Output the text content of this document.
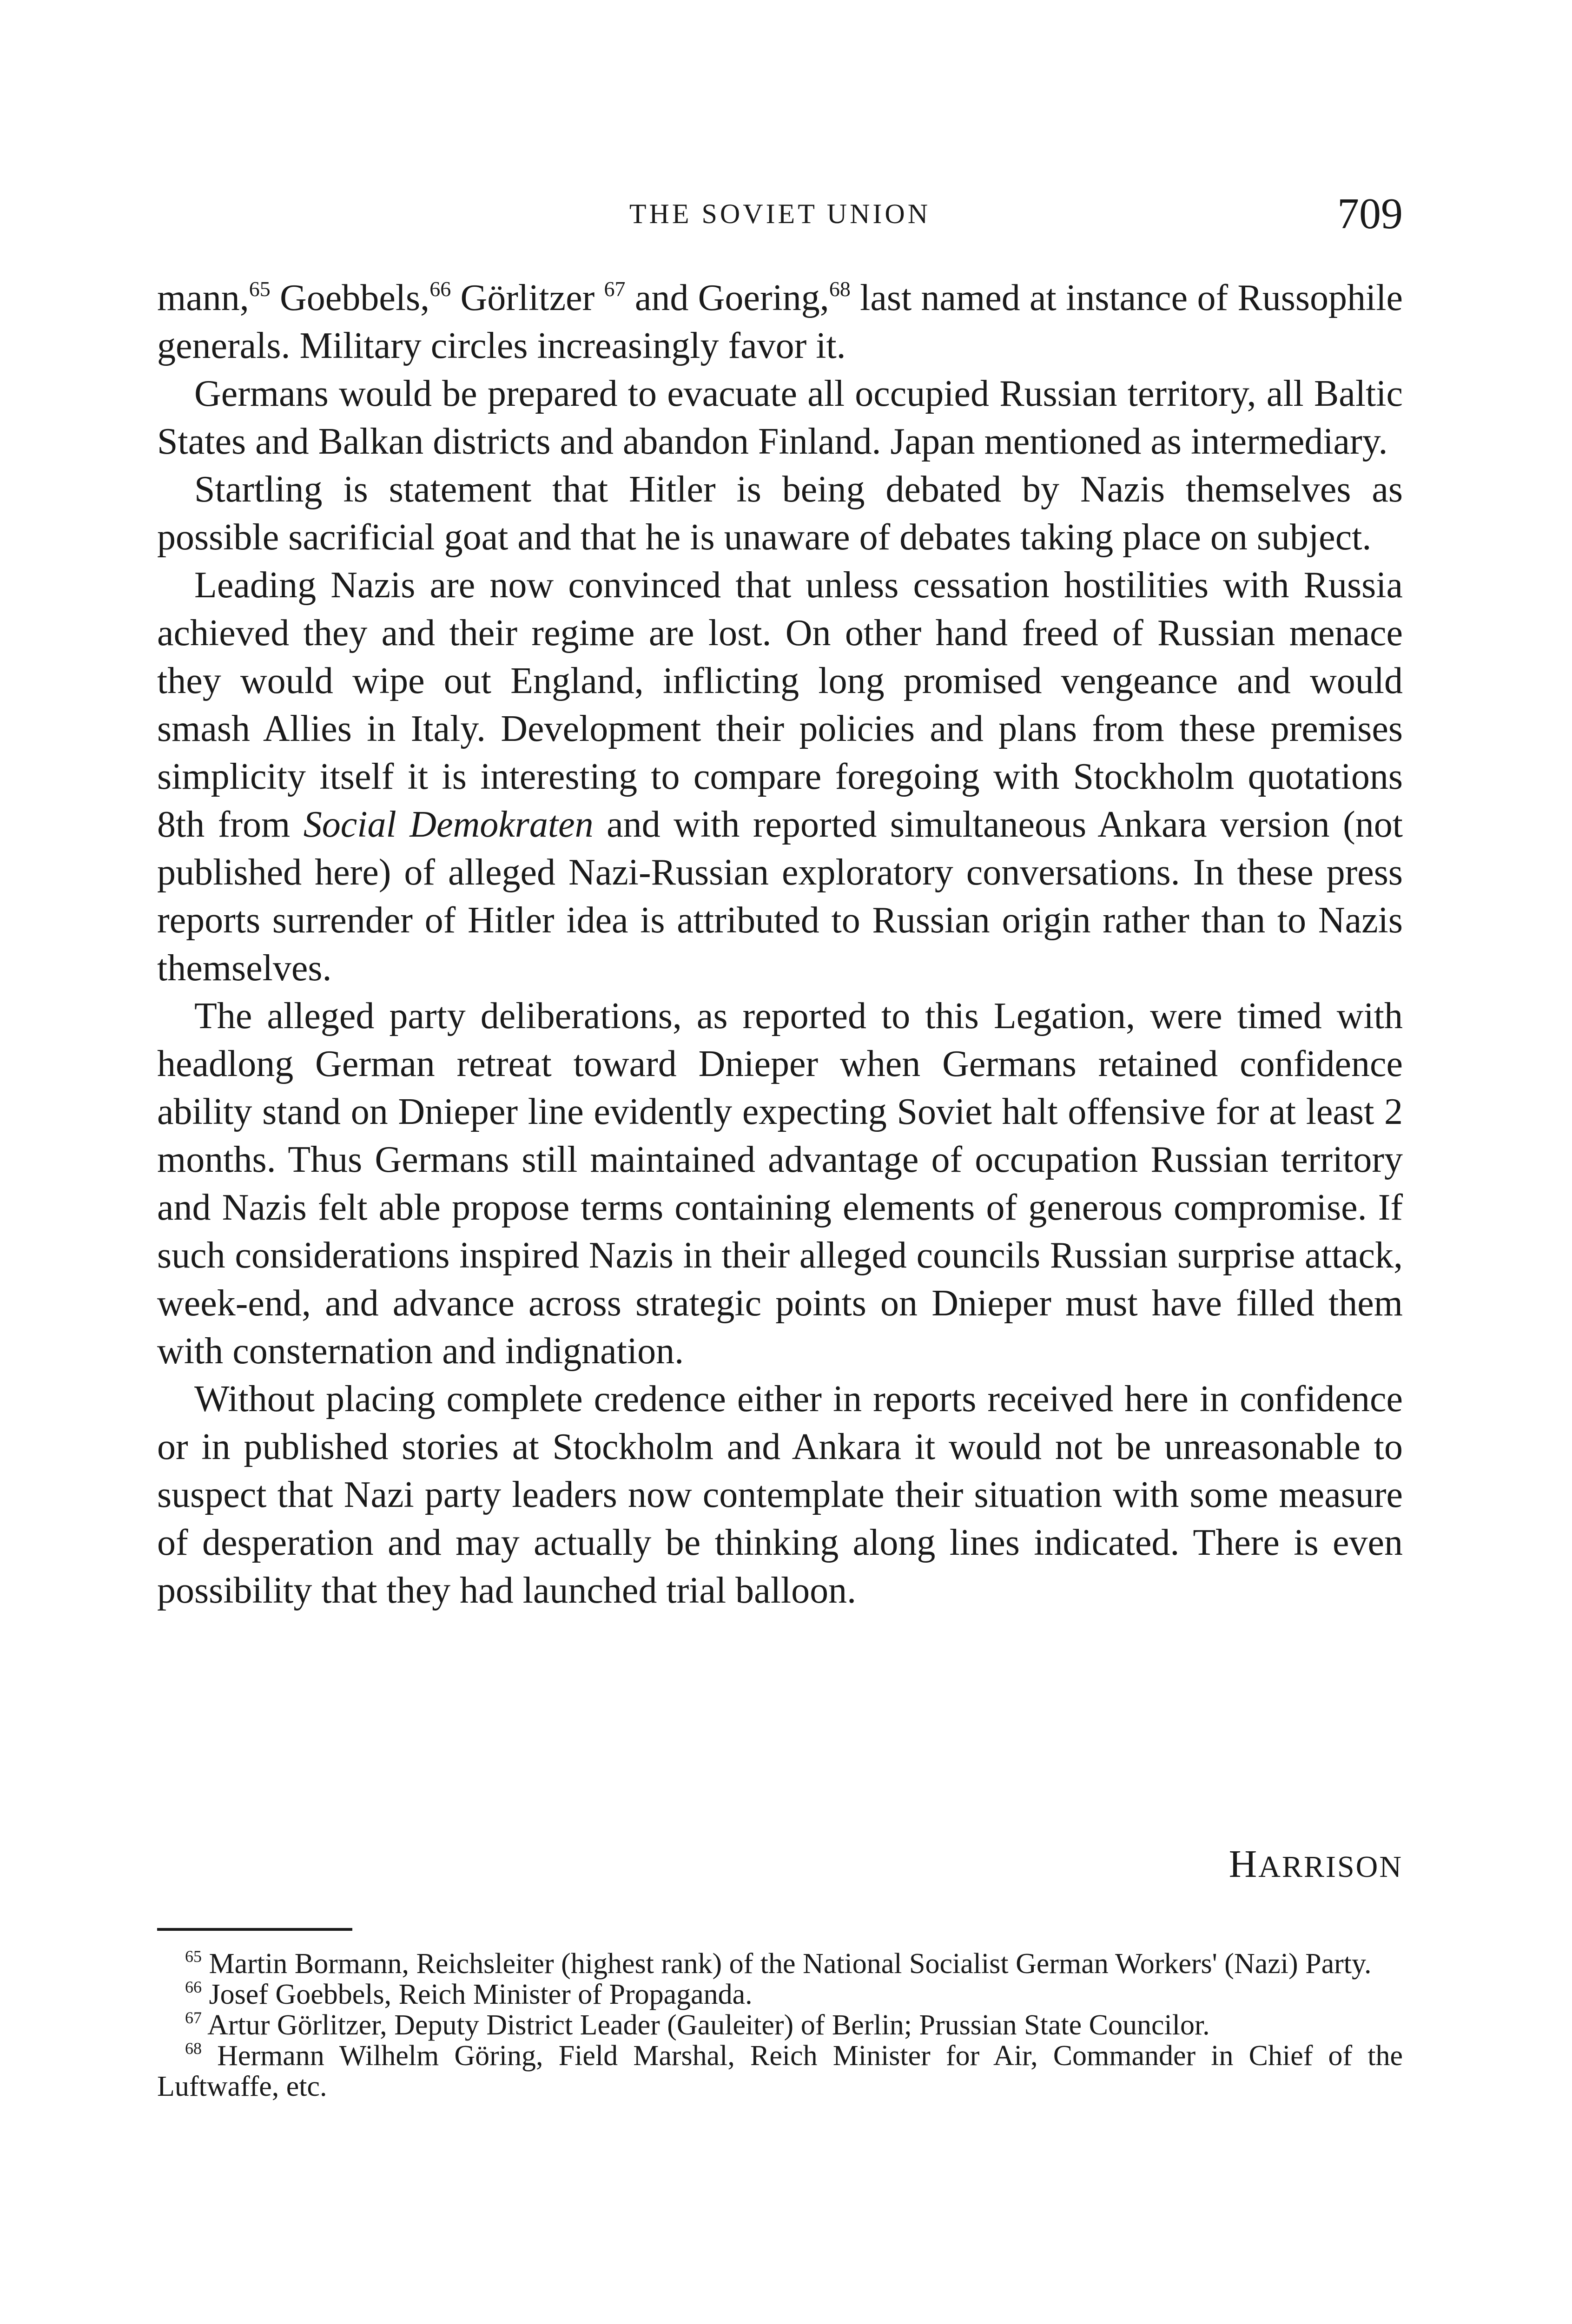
THE SOVIET UNION	709

mann,$^{65}$ Goebbels,$^{66}$ Görlitzer $^{67}$ and Goering,$^{68}$ last named at instance of Russophile generals. Military circles increasingly favor it.

Germans would be prepared to evacuate all occupied Russian territory, all Baltic States and Balkan districts and abandon Finland. Japan mentioned as intermediary.

Startling is statement that Hitler is being debated by Nazis themselves as possible sacrificial goat and that he is unaware of debates taking place on subject.

Leading Nazis are now convinced that unless cessation hostilities with Russia achieved they and their regime are lost. On other hand freed of Russian menace they would wipe out England, inflicting long promised vengeance and would smash Allies in Italy. Development their policies and plans from these premises simplicity itself it is interesting to compare foregoing with Stockholm quotations 8th from Social Demokraten and with reported simultaneous Ankara version (not published here) of alleged Nazi-Russian exploratory conversations. In these press reports surrender of Hitler idea is attributed to Russian origin rather than to Nazis themselves.

The alleged party deliberations, as reported to this Legation, were timed with headlong German retreat toward Dnieper when Germans retained confidence ability stand on Dnieper line evidently expecting Soviet halt offensive for at least 2 months. Thus Germans still maintained advantage of occupation Russian territory and Nazis felt able propose terms containing elements of generous compromise. If such considerations inspired Nazis in their alleged councils Russian surprise attack, week-end, and advance across strategic points on Dnieper must have filled them with consternation and indignation.

Without placing complete credence either in reports received here in confidence or in published stories at Stockholm and Ankara it would not be unreasonable to suspect that Nazi party leaders now contemplate their situation with some measure of desperation and may actually be thinking along lines indicated. There is even possibility that they had launched trial balloon.

HARRISON

$^{65}$ Martin Bormann, Reichsleiter (highest rank) of the National Socialist German Workers' (Nazi) Party.

$^{66}$ Josef Goebbels, Reich Minister of Propaganda.

$^{67}$ Artur Görlitzer, Deputy District Leader (Gauleiter) of Berlin; Prussian State Councilor.

$^{68}$ Hermann Wilhelm Göring, Field Marshal, Reich Minister for Air, Commander in Chief of the Luftwaffe, etc.
